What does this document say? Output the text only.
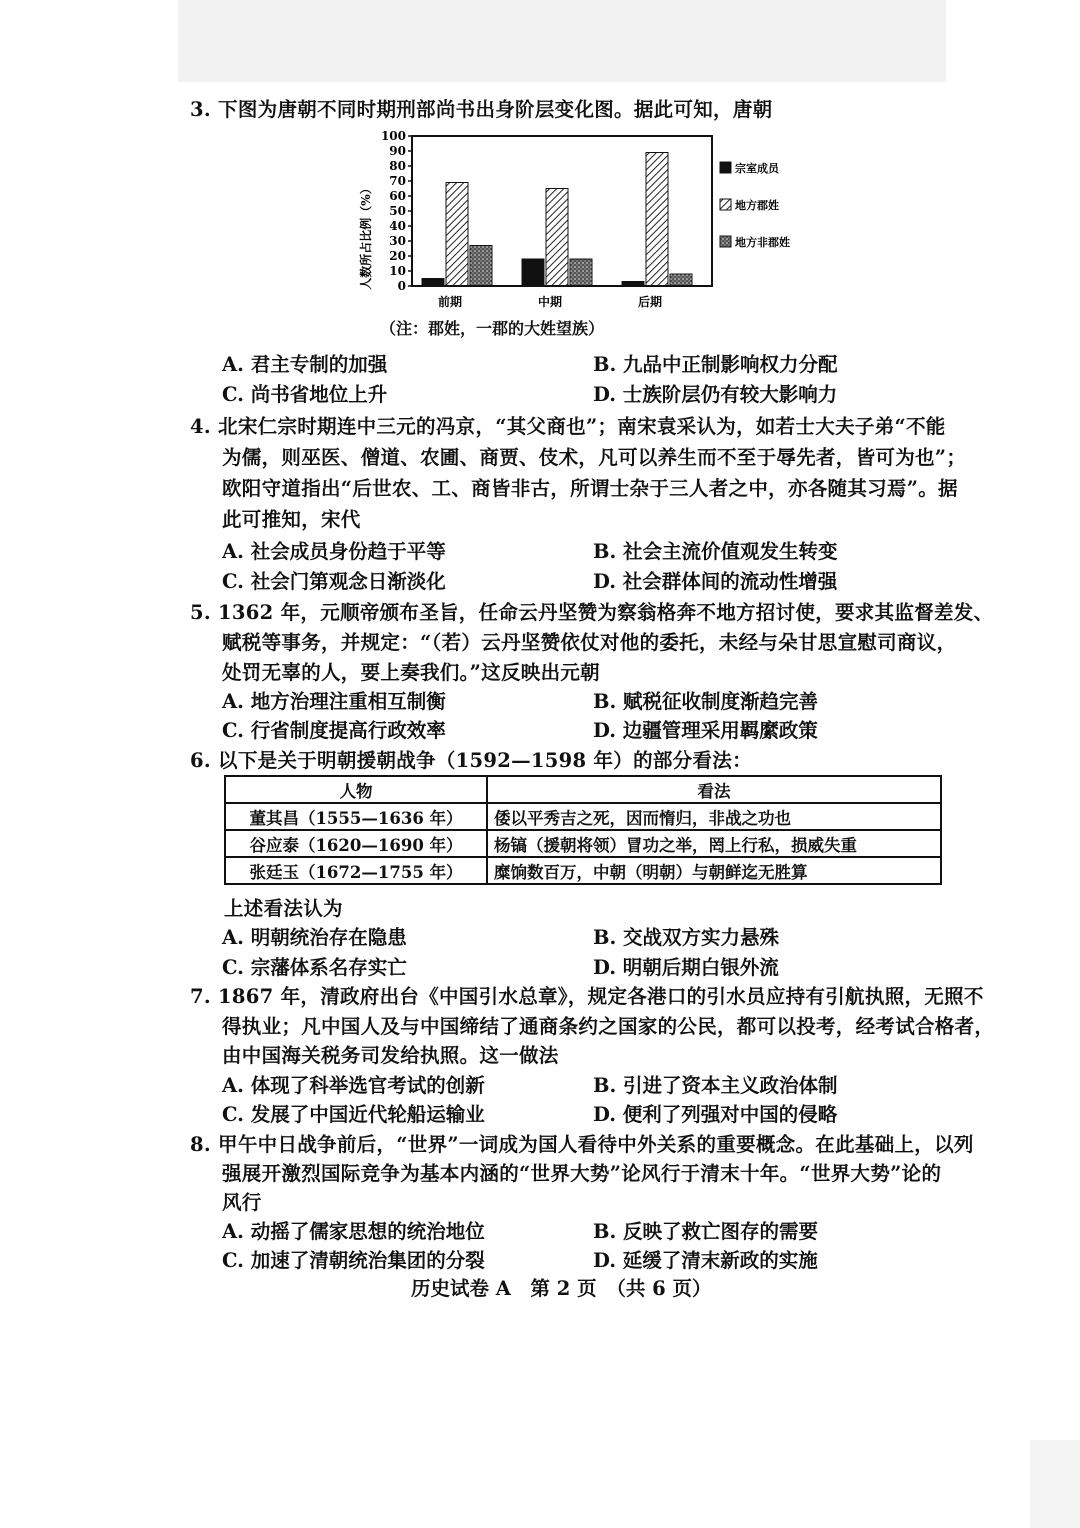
3. 下图为唐朝不同时期刑部尚书出身阶层变化图。据此可知，唐朝
人数所占比例（%） 0
10
20
30
40
50
60
70
80
90
100
前期	中期	后期
宗室成员
地方郡姓
地方非郡姓
（注：郡姓，一郡的大姓望族）
A. 君主专制的加强	B. 九品中正制影响权力分配
C. 尚书省地位上升	D. 士族阶层仍有较大影响力
4. 北宋仁宗时期连中三元的冯京，“其父商也”；南宋袁采认为，如若士大夫子弟“不能
为儒，则巫医、僧道、农圃、商贾、伎术，凡可以养生而不至于辱先者，皆可为也”；
欧阳守道指出“后世农、工、商皆非古，所谓士杂于三人者之中，亦各随其习焉”。据
此可推知，宋代
A. 社会成员身份趋于平等	B. 社会主流价值观发生转变
C. 社会门第观念日渐淡化	D. 社会群体间的流动性增强
5. 1362 年，元顺帝颁布圣旨，任命云丹坚赞为察翁格奔不地方招讨使，要求其监督差发、
赋税等事务，并规定：“（若）云丹坚赞依仗对他的委托，未经与朵甘思宣慰司商议，
处罚无辜的人，要上奏我们。”这反映出元朝
A. 地方治理注重相互制衡	B. 赋税征收制度渐趋完善
C. 行省制度提高行政效率	D. 边疆管理采用羁縻政策
6. 以下是关于明朝援朝战争（1592—1598 年）的部分看法：
人物	看法
董其昌（1555—1636 年）	倭以平秀吉之死，因而惰归，非战之功也
谷应泰（1620—1690 年）	杨镐（援朝将领）冒功之举，罔上行私，损威失重
张廷玉（1672—1755 年）	糜饷数百万，中朝（明朝）与朝鲜迄无胜算
上述看法认为
A. 明朝统治存在隐患	B. 交战双方实力悬殊
C. 宗藩体系名存实亡	D. 明朝后期白银外流
7. 1867 年，清政府出台《中国引水总章》，规定各港口的引水员应持有引航执照，无照不
得执业；凡中国人及与中国缔结了通商条约之国家的公民，都可以投考，经考试合格者，
由中国海关税务司发给执照。这一做法
A. 体现了科举选官考试的创新	B. 引进了资本主义政治体制
C. 发展了中国近代轮船运输业	D. 便利了列强对中国的侵略
8. 甲午中日战争前后，“世界”一词成为国人看待中外关系的重要概念。在此基础上，以列
强展开激烈国际竞争为基本内涵的“世界大势”论风行于清末十年。“世界大势”论的
风行
A. 动摇了儒家思想的统治地位	B. 反映了救亡图存的需要
C. 加速了清朝统治集团的分裂	D. 延缓了清末新政的实施
历史试卷 A　第 2 页　（共 6 页）
